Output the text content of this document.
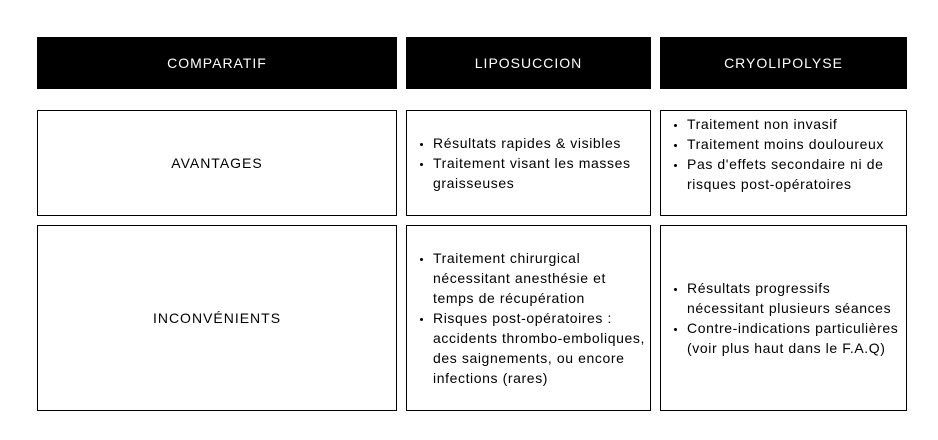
COMPARATIF	LIPOSUCCION	CRYOLIPOLYSE
AVANTAGES
• Résultats rapides & visibles
• Traitement visant les masses graisseuses
• Traitement non invasif
• Traitement moins douloureux
• Pas d'effets secondaire ni de risques post-opératoires
INCONVÉNIENTS
• Traitement chirurgical nécessitant anesthésie et temps de récupération
• Risques post-opératoires : accidents thrombo-emboliques, des saignements, ou encore infections (rares)
• Résultats progressifs nécessitant plusieurs séances
• Contre-indications particulières (voir plus haut dans le F.A.Q)
